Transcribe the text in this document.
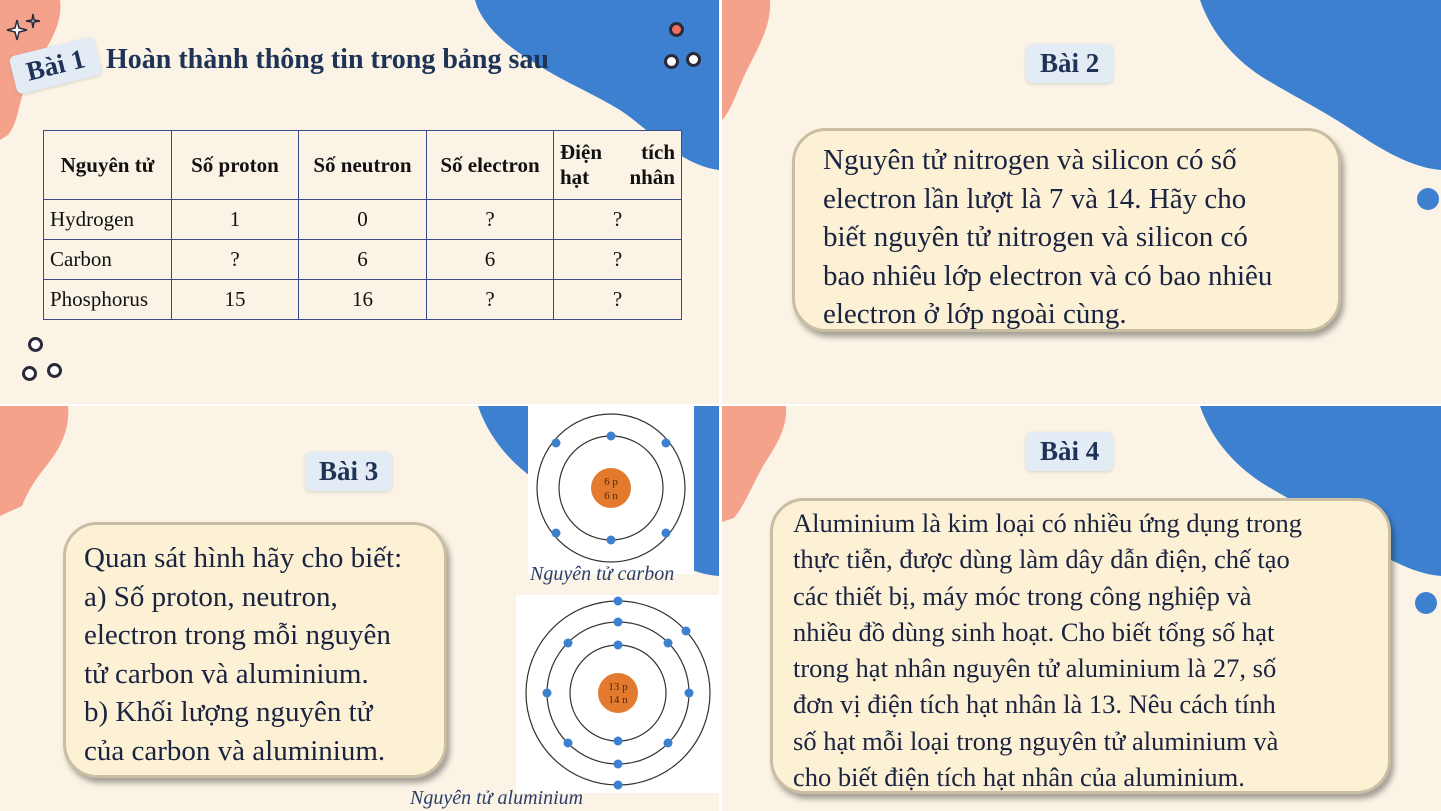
Bài 1 Hoàn thành thông tin trong bảng sau
Nguyên tử	Số proton	Số neutron	Số electron	Điện tích hạt nhân
Hydrogen	1	0	?	?
Carbon	?	6	6	?
Phosphorus	15	16	?	?
Bài 2
Nguyên tử nitrogen và silicon có số
electron lần lượt là 7 và 14. Hãy cho
biết nguyên tử nitrogen và silicon có
bao nhiêu lớp electron và có bao nhiêu
electron ở lớp ngoài cùng.
Bài 3
Quan sát hình hãy cho biết:
a) Số proton, neutron,
electron trong mỗi nguyên
tử carbon và aluminium.
b) Khối lượng nguyên tử
của carbon và aluminium.
6 p
6 n
Nguyên tử carbon
13 p
14 n
Nguyên tử aluminium
Bài 4
Aluminium là kim loại có nhiều ứng dụng trong
thực tiễn, được dùng làm dây dẫn điện, chế tạo
các thiết bị, máy móc trong công nghiệp và
nhiều đồ dùng sinh hoạt. Cho biết tổng số hạt
trong hạt nhân nguyên tử aluminium là 27, số
đơn vị điện tích hạt nhân là 13. Nêu cách tính
số hạt mỗi loại trong nguyên tử aluminium và
cho biết điện tích hạt nhân của aluminium.
